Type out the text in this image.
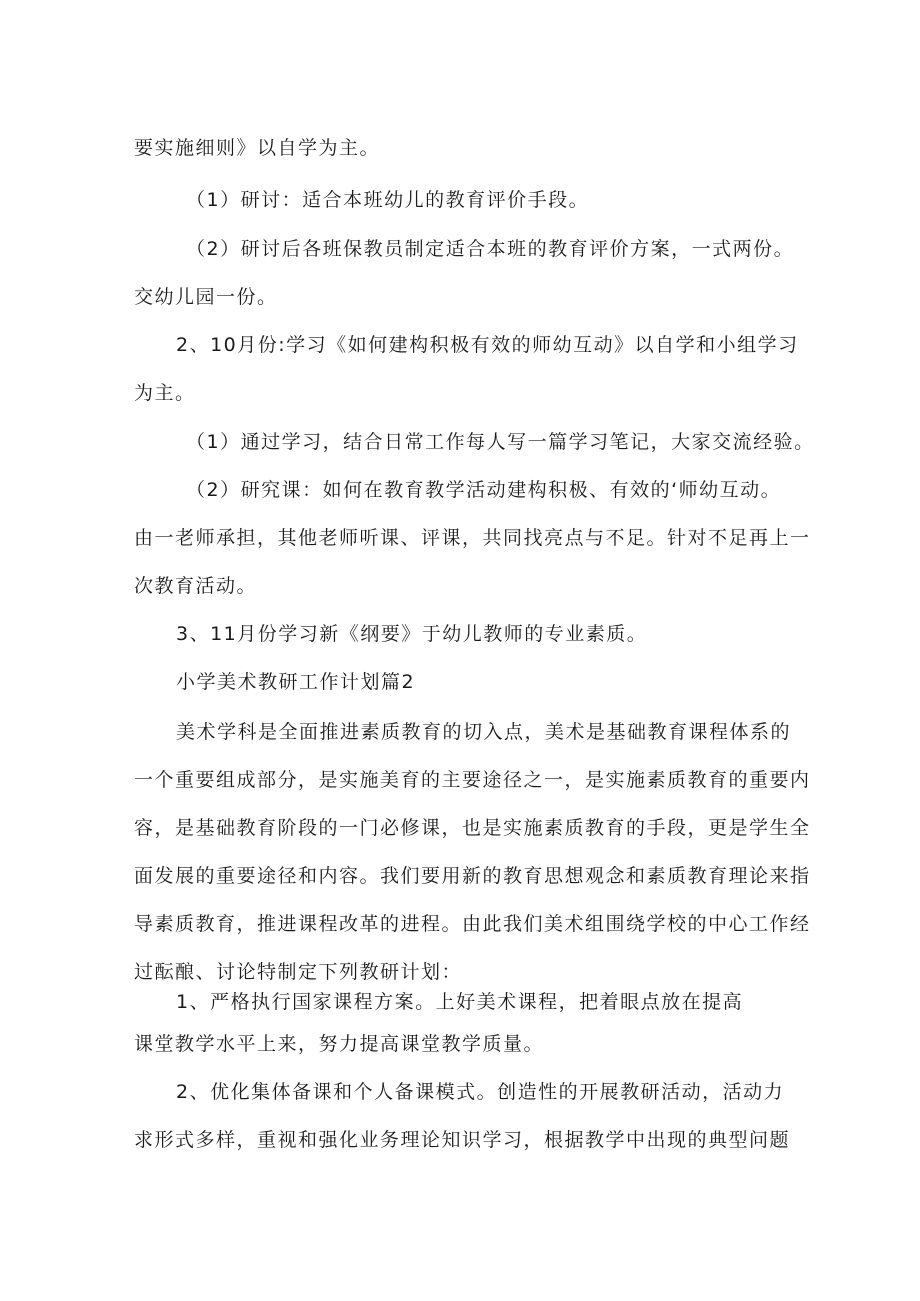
要实施细则》以自学为主。

（1）研讨：适合本班幼儿的教育评价手段。

（2）研讨后各班保教员制定适合本班的教育评价方案，一式两份。

交幼儿园一份。

2、10月份:学习《如何建构积极有效的师幼互动》以自学和小组学习

为主。

（1）通过学习，结合日常工作每人写一篇学习笔记，大家交流经验。

（2）研究课：如何在教育教学活动建构积极、有效的‘师幼互动。

由一老师承担，其他老师听课、评课，共同找亮点与不足。针对不足再上一

次教育活动。

3、11月份学习新《纲要》于幼儿教师的专业素质。

小学美术教研工作计划篇2

美术学科是全面推进素质教育的切入点，美术是基础教育课程体系的

一个重要组成部分，是实施美育的主要途径之一，是实施素质教育的重要内

容，是基础教育阶段的一门必修课，也是实施素质教育的手段，更是学生全

面发展的重要途径和内容。我们要用新的教育思想观念和素质教育理论来指

导素质教育，推进课程改革的进程。由此我们美术组围绕学校的中心工作经

过酝酿、讨论特制定下列教研计划：

1、严格执行国家课程方案。上好美术课程，把着眼点放在提高

课堂教学水平上来，努力提高课堂教学质量。

2、优化集体备课和个人备课模式。创造性的开展教研活动，活动力

求形式多样，重视和强化业务理论知识学习，根据教学中出现的典型问题
